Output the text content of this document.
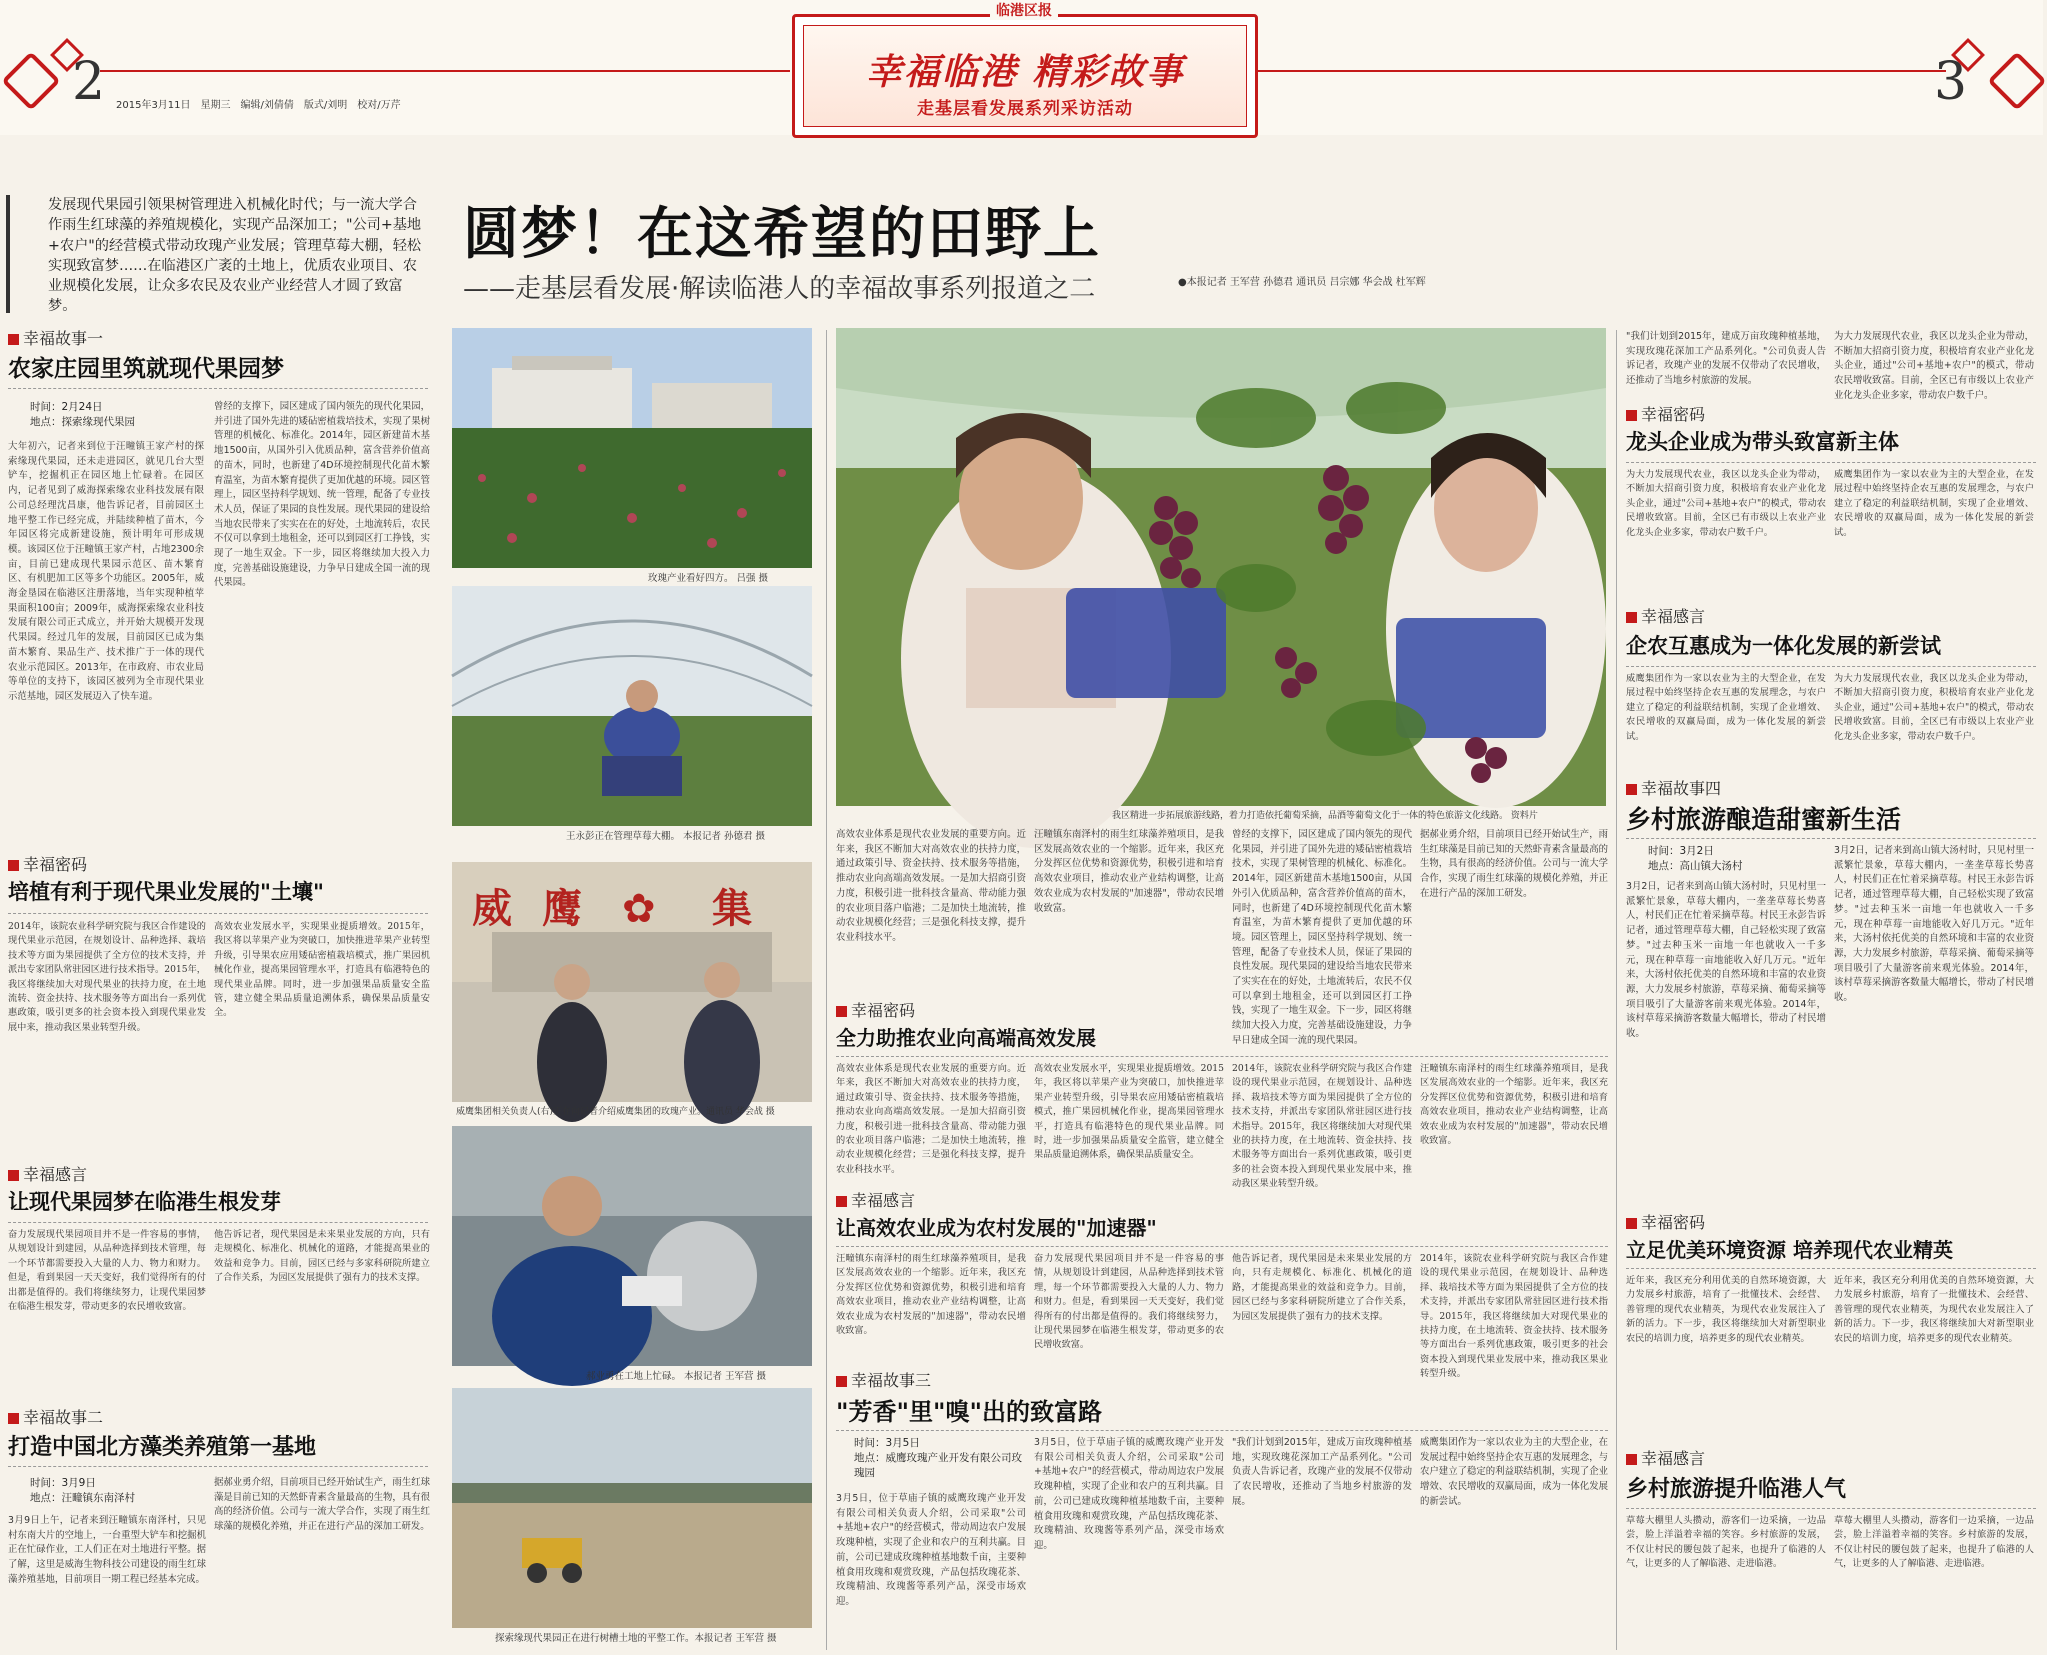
2	3
2015年3月11日　星期三　编辑/刘倩倩　版式/刘明　校对/万芹
幸福临港 精彩故事
走基层看发展系列采访活动
临港区报
发展现代果园引领果树管理进入机械化时代；与一流大学合作雨生红球藻的养殖规模化，实现产品深加工；"公司+基地+农户"的经营模式带动玫瑰产业发展；管理草莓大棚，轻松实现致富梦……在临港区广袤的土地上，优质农业项目、农业规模化发展，让众多农民及农业产业经营人才圆了致富梦。
圆梦！在这希望的田野上
——走基层看发展·解读临港人的幸福故事系列报道之二	●本报记者 王军营 孙德君 通讯员 吕宗娜 华会战 杜军辉
幸福故事一
农家庄园里筑就现代果园梦
时间：2月24日
地点：探索缘现代果园
大年初六，记者来到位于汪疃镇王家产村的探索缘现代果园，还未走进园区，就见几台大型铲车，挖掘机正在园区地上忙碌着。在园区内，记者见到了威海探索缘农业科技发展有限公司总经理沈昌康，他告诉记者，目前园区土地平整工作已经完成，并陆续种植了苗木，今年园区将完成新建设施，预计明年可形成规模。该园区位于汪疃镇王家产村，占地2300余亩，目前已建成现代果园示范区、苗木繁育区、有机肥加工区等多个功能区。2005年，威海金垦园在临港区注册落地，当年实现种植苹果面积100亩；2009年，威海探索缘农业科技发展有限公司正式成立，并开始大规模开发现代果园。经过几年的发展，目前园区已成为集苗木繁育、果品生产、技术推广于一体的现代农业示范园区。2013年，在市政府、市农业局等单位的支持下，该园区被列为全市现代果业示范基地，园区发展迈入了快车道。
曾经的支撑下，园区建成了国内领先的现代化果园，并引进了国外先进的矮砧密植栽培技术，实现了果树管理的机械化、标准化。2014年，园区新建苗木基地1500亩，从国外引入优质品种，富含营养价值高的苗木，同时，也新建了4D环境控制现代化苗木繁育温室，为苗木繁育提供了更加优越的环境。园区管理上，园区坚持科学规划、统一管理，配备了专业技术人员，保证了果园的良性发展。现代果园的建设给当地农民带来了实实在在的好处，土地流转后，农民不仅可以拿到土地租金，还可以到园区打工挣钱，实现了一地生双金。下一步，园区将继续加大投入力度，完善基础设施建设，力争早日建成全国一流的现代果园。
幸福密码
培植有利于现代果业发展的"土壤"
2014年，该院农业科学研究院与我区合作建设的现代果业示范园，在规划设计、品种选择、栽培技术等方面为果园提供了全方位的技术支持，并派出专家团队常驻园区进行技术指导。2015年，我区将继续加大对现代果业的扶持力度，在土地流转、资金扶持、技术服务等方面出台一系列优惠政策，吸引更多的社会资本投入到现代果业发展中来，推动我区果业转型升级。
高效农业发展水平，实现果业提质增效。2015年，我区将以苹果产业为突破口，加快推进苹果产业转型升级，引导果农应用矮砧密植栽培模式，推广果园机械化作业，提高果园管理水平，打造具有临港特色的现代果业品牌。同时，进一步加强果品质量安全监管，建立健全果品质量追溯体系，确保果品质量安全。
幸福感言
让现代果园梦在临港生根发芽
奋力发展现代果园项目并不是一件容易的事情，从规划设计到建园，从品种选择到技术管理，每一个环节都需要投入大量的人力、物力和财力。但是，看到果园一天天变好，我们觉得所有的付出都是值得的。我们将继续努力，让现代果园梦在临港生根发芽，带动更多的农民增收致富。
他告诉记者，现代果园是未来果业发展的方向，只有走规模化、标准化、机械化的道路，才能提高果业的效益和竞争力。目前，园区已经与多家科研院所建立了合作关系，为园区发展提供了强有力的技术支撑。
幸福故事二
打造中国北方藻类养殖第一基地
时间：3月9日
地点：汪疃镇东南泽村
3月9日上午，记者来到汪疃镇东南泽村，只见村东南大片的空地上，一台重型大铲车和挖掘机正在忙碌作业，工人们正在对土地进行平整。据了解，这里是威海生物科技公司建设的雨生红球藻养殖基地，目前项目一期工程已经基本完成。
据郝业勇介绍，目前项目已经开始试生产，雨生红球藻是目前已知的天然虾青素含量最高的生物，具有很高的经济价值。公司与一流大学合作，实现了雨生红球藻的规模化养殖，并正在进行产品的深加工研发。
玫瑰产业看好四方。 吕强 摄
王永彭正在管理草莓大棚。 本报记者 孙德君 摄
威 鹰 ✿ 集
威鹰集团相关负责人(右)正在向记者介绍威鹰集团的玫瑰产业。通讯员 华会战 摄
郝业勇在工地上忙碌。 本报记者 王军营 摄
探索缘现代果园正在进行树槽土地的平整工作。本报记者 王军营 摄
我区精进一步拓展旅游线路，着力打造依托葡萄采摘，品酒等葡萄文化于一体的特色旅游文化线路。 资料片
高效农业体系是现代农业发展的重要方向。近年来，我区不断加大对高效农业的扶持力度，通过政策引导、资金扶持、技术服务等措施，推动农业向高端高效发展。一是加大招商引资力度，积极引进一批科技含量高、带动能力强的农业项目落户临港；二是加快土地流转，推动农业规模化经营；三是强化科技支撑，提升农业科技水平。
汪疃镇东南泽村的雨生红球藻养殖项目，是我区发展高效农业的一个缩影。近年来，我区充分发挥区位优势和资源优势，积极引进和培育高效农业项目，推动农业产业结构调整，让高效农业成为农村发展的"加速器"，带动农民增收致富。
曾经的支撑下，园区建成了国内领先的现代化果园，并引进了国外先进的矮砧密植栽培技术，实现了果树管理的机械化、标准化。2014年，园区新建苗木基地1500亩，从国外引入优质品种，富含营养价值高的苗木，同时，也新建了4D环境控制现代化苗木繁育温室，为苗木繁育提供了更加优越的环境。园区管理上，园区坚持科学规划、统一管理，配备了专业技术人员，保证了果园的良性发展。现代果园的建设给当地农民带来了实实在在的好处，土地流转后，农民不仅可以拿到土地租金，还可以到园区打工挣钱，实现了一地生双金。下一步，园区将继续加大投入力度，完善基础设施建设，力争早日建成全国一流的现代果园。
据郝业勇介绍，目前项目已经开始试生产，雨生红球藻是目前已知的天然虾青素含量最高的生物，具有很高的经济价值。公司与一流大学合作，实现了雨生红球藻的规模化养殖，并正在进行产品的深加工研发。
幸福密码
全力助推农业向高端高效发展
高效农业体系是现代农业发展的重要方向。近年来，我区不断加大对高效农业的扶持力度，通过政策引导、资金扶持、技术服务等措施，推动农业向高端高效发展。一是加大招商引资力度，积极引进一批科技含量高、带动能力强的农业项目落户临港；二是加快土地流转，推动农业规模化经营；三是强化科技支撑，提升农业科技水平。
高效农业发展水平，实现果业提质增效。2015年，我区将以苹果产业为突破口，加快推进苹果产业转型升级，引导果农应用矮砧密植栽培模式，推广果园机械化作业，提高果园管理水平，打造具有临港特色的现代果业品牌。同时，进一步加强果品质量安全监管，建立健全果品质量追溯体系，确保果品质量安全。
2014年，该院农业科学研究院与我区合作建设的现代果业示范园，在规划设计、品种选择、栽培技术等方面为果园提供了全方位的技术支持，并派出专家团队常驻园区进行技术指导。2015年，我区将继续加大对现代果业的扶持力度，在土地流转、资金扶持、技术服务等方面出台一系列优惠政策，吸引更多的社会资本投入到现代果业发展中来，推动我区果业转型升级。
汪疃镇东南泽村的雨生红球藻养殖项目，是我区发展高效农业的一个缩影。近年来，我区充分发挥区位优势和资源优势，积极引进和培育高效农业项目，推动农业产业结构调整，让高效农业成为农村发展的"加速器"，带动农民增收致富。
幸福感言
让高效农业成为农村发展的"加速器"
汪疃镇东南泽村的雨生红球藻养殖项目，是我区发展高效农业的一个缩影。近年来，我区充分发挥区位优势和资源优势，积极引进和培育高效农业项目，推动农业产业结构调整，让高效农业成为农村发展的"加速器"，带动农民增收致富。
奋力发展现代果园项目并不是一件容易的事情，从规划设计到建园，从品种选择到技术管理，每一个环节都需要投入大量的人力、物力和财力。但是，看到果园一天天变好，我们觉得所有的付出都是值得的。我们将继续努力，让现代果园梦在临港生根发芽，带动更多的农民增收致富。
他告诉记者，现代果园是未来果业发展的方向，只有走规模化、标准化、机械化的道路，才能提高果业的效益和竞争力。目前，园区已经与多家科研院所建立了合作关系，为园区发展提供了强有力的技术支撑。
2014年，该院农业科学研究院与我区合作建设的现代果业示范园，在规划设计、品种选择、栽培技术等方面为果园提供了全方位的技术支持，并派出专家团队常驻园区进行技术指导。2015年，我区将继续加大对现代果业的扶持力度，在土地流转、资金扶持、技术服务等方面出台一系列优惠政策，吸引更多的社会资本投入到现代果业发展中来，推动我区果业转型升级。
幸福故事三
"芳香"里"嗅"出的致富路
时间：3月5日
地点：威鹰玫瑰产业开发有限公司玫瑰园
3月5日，位于草庙子镇的威鹰玫瑰产业开发有限公司相关负责人介绍，公司采取"公司+基地+农户"的经营模式，带动周边农户发展玫瑰种植，实现了企业和农户的互利共赢。目前，公司已建成玫瑰种植基地数千亩，主要种植食用玫瑰和观赏玫瑰，产品包括玫瑰花茶、玫瑰精油、玫瑰酱等系列产品，深受市场欢迎。
3月5日，位于草庙子镇的威鹰玫瑰产业开发有限公司相关负责人介绍，公司采取"公司+基地+农户"的经营模式，带动周边农户发展玫瑰种植，实现了企业和农户的互利共赢。目前，公司已建成玫瑰种植基地数千亩，主要种植食用玫瑰和观赏玫瑰，产品包括玫瑰花茶、玫瑰精油、玫瑰酱等系列产品，深受市场欢迎。
"我们计划到2015年，建成万亩玫瑰种植基地，实现玫瑰花深加工产品系列化。"公司负责人告诉记者，玫瑰产业的发展不仅带动了农民增收，还推动了当地乡村旅游的发展。
威鹰集团作为一家以农业为主的大型企业，在发展过程中始终坚持企农互惠的发展理念，与农户建立了稳定的利益联结机制，实现了企业增效、农民增收的双赢局面，成为一体化发展的新尝试。
"我们计划到2015年，建成万亩玫瑰种植基地，实现玫瑰花深加工产品系列化。"公司负责人告诉记者，玫瑰产业的发展不仅带动了农民增收，还推动了当地乡村旅游的发展。
为大力发展现代农业，我区以龙头企业为带动，不断加大招商引资力度，积极培育农业产业化龙头企业，通过"公司+基地+农户"的模式，带动农民增收致富。目前，全区已有市级以上农业产业化龙头企业多家，带动农户数千户。
幸福密码
龙头企业成为带头致富新主体
为大力发展现代农业，我区以龙头企业为带动，不断加大招商引资力度，积极培育农业产业化龙头企业，通过"公司+基地+农户"的模式，带动农民增收致富。目前，全区已有市级以上农业产业化龙头企业多家，带动农户数千户。
威鹰集团作为一家以农业为主的大型企业，在发展过程中始终坚持企农互惠的发展理念，与农户建立了稳定的利益联结机制，实现了企业增效、农民增收的双赢局面，成为一体化发展的新尝试。
幸福感言
企农互惠成为一体化发展的新尝试
威鹰集团作为一家以农业为主的大型企业，在发展过程中始终坚持企农互惠的发展理念，与农户建立了稳定的利益联结机制，实现了企业增效、农民增收的双赢局面，成为一体化发展的新尝试。
为大力发展现代农业，我区以龙头企业为带动，不断加大招商引资力度，积极培育农业产业化龙头企业，通过"公司+基地+农户"的模式，带动农民增收致富。目前，全区已有市级以上农业产业化龙头企业多家，带动农户数千户。
幸福故事四
乡村旅游酿造甜蜜新生活
时间：3月2日
地点：高山镇大汤村
3月2日，记者来到高山镇大汤村时，只见村里一派繁忙景象，草莓大棚内，一垄垄草莓长势喜人，村民们正在忙着采摘草莓。村民王永彭告诉记者，通过管理草莓大棚，自己轻松实现了致富梦。"过去种玉米一亩地一年也就收入一千多元，现在种草莓一亩地能收入好几万元。"近年来，大汤村依托优美的自然环境和丰富的农业资源，大力发展乡村旅游，草莓采摘、葡萄采摘等项目吸引了大量游客前来观光体验。2014年，该村草莓采摘游客数量大幅增长，带动了村民增收。
3月2日，记者来到高山镇大汤村时，只见村里一派繁忙景象，草莓大棚内，一垄垄草莓长势喜人，村民们正在忙着采摘草莓。村民王永彭告诉记者，通过管理草莓大棚，自己轻松实现了致富梦。"过去种玉米一亩地一年也就收入一千多元，现在种草莓一亩地能收入好几万元。"近年来，大汤村依托优美的自然环境和丰富的农业资源，大力发展乡村旅游，草莓采摘、葡萄采摘等项目吸引了大量游客前来观光体验。2014年，该村草莓采摘游客数量大幅增长，带动了村民增收。
幸福密码
立足优美环境资源 培养现代农业精英
近年来，我区充分利用优美的自然环境资源，大力发展乡村旅游，培育了一批懂技术、会经营、善管理的现代农业精英，为现代农业发展注入了新的活力。下一步，我区将继续加大对新型职业农民的培训力度，培养更多的现代农业精英。
近年来，我区充分利用优美的自然环境资源，大力发展乡村旅游，培育了一批懂技术、会经营、善管理的现代农业精英，为现代农业发展注入了新的活力。下一步，我区将继续加大对新型职业农民的培训力度，培养更多的现代农业精英。
幸福感言
乡村旅游提升临港人气
草莓大棚里人头攒动，游客们一边采摘，一边品尝，脸上洋溢着幸福的笑容。乡村旅游的发展，不仅让村民的腰包鼓了起来，也提升了临港的人气，让更多的人了解临港、走进临港。
草莓大棚里人头攒动，游客们一边采摘，一边品尝，脸上洋溢着幸福的笑容。乡村旅游的发展，不仅让村民的腰包鼓了起来，也提升了临港的人气，让更多的人了解临港、走进临港。
